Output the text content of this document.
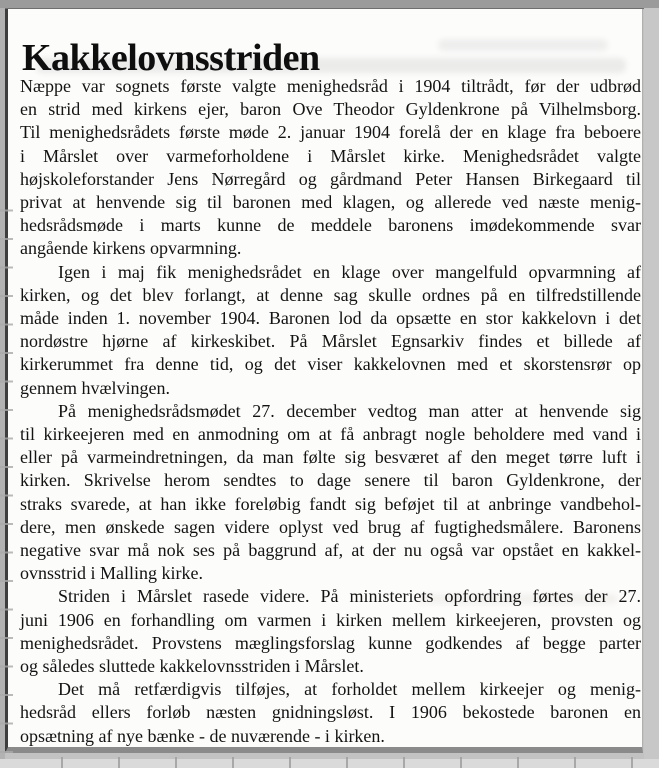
Kakkelovnsstriden
Næppe var sognets første valgte menighedsråd i 1904 tiltrådt, før der udbrød
en strid med kirkens ejer, baron Ove Theodor Gyldenkrone på Vilhelmsborg.
Til menighedsrådets første møde 2. januar 1904 forelå der en klage fra beboere
i Mårslet over varmeforholdene i Mårslet kirke. Menighedsrådet valgte
højskoleforstander Jens Nørregård og gårdmand Peter Hansen Birkegaard til
privat at henvende sig til baronen med klagen, og allerede ved næste menig-
hedsrådsmøde i marts kunne de meddele baronens imødekommende svar
angående kirkens opvarmning.
Igen i maj fik menighedsrådet en klage over mangelfuld opvarmning af
kirken, og det blev forlangt, at denne sag skulle ordnes på en tilfredstillende
måde inden 1. november 1904. Baronen lod da opsætte en stor kakkelovn i det
nordøstre hjørne af kirkeskibet. På Mårslet Egnsarkiv findes et billede af
kirkerummet fra denne tid, og det viser kakkelovnen med et skorstensrør op
gennem hvælvingen.
På menighedsrådsmødet 27. december vedtog man atter at henvende sig
til kirkeejeren med en anmodning om at få anbragt nogle beholdere med vand i
eller på varmeindretningen, da man følte sig besværet af den meget tørre luft i
kirken. Skrivelse herom sendtes to dage senere til baron Gyldenkrone, der
straks svarede, at han ikke foreløbig fandt sig beføjet til at anbringe vandbehol-
dere, men ønskede sagen videre oplyst ved brug af fugtighedsmålere. Baronens
negative svar må nok ses på baggrund af, at der nu også var opstået en kakkel-
ovnsstrid i Malling kirke.
Striden i Mårslet rasede videre. På ministeriets opfordring førtes der 27.
juni 1906 en forhandling om varmen i kirken mellem kirkeejeren, provsten og
menighedsrådet. Provstens mæglingsforslag kunne godkendes af begge parter
og således sluttede kakkelovnsstriden i Mårslet.
Det må retfærdigvis tilføjes, at forholdet mellem kirkeejer og menig-
hedsråd ellers forløb næsten gnidningsløst. I 1906 bekostede baronen en
opsætning af nye bænke - de nuværende - i kirken.
